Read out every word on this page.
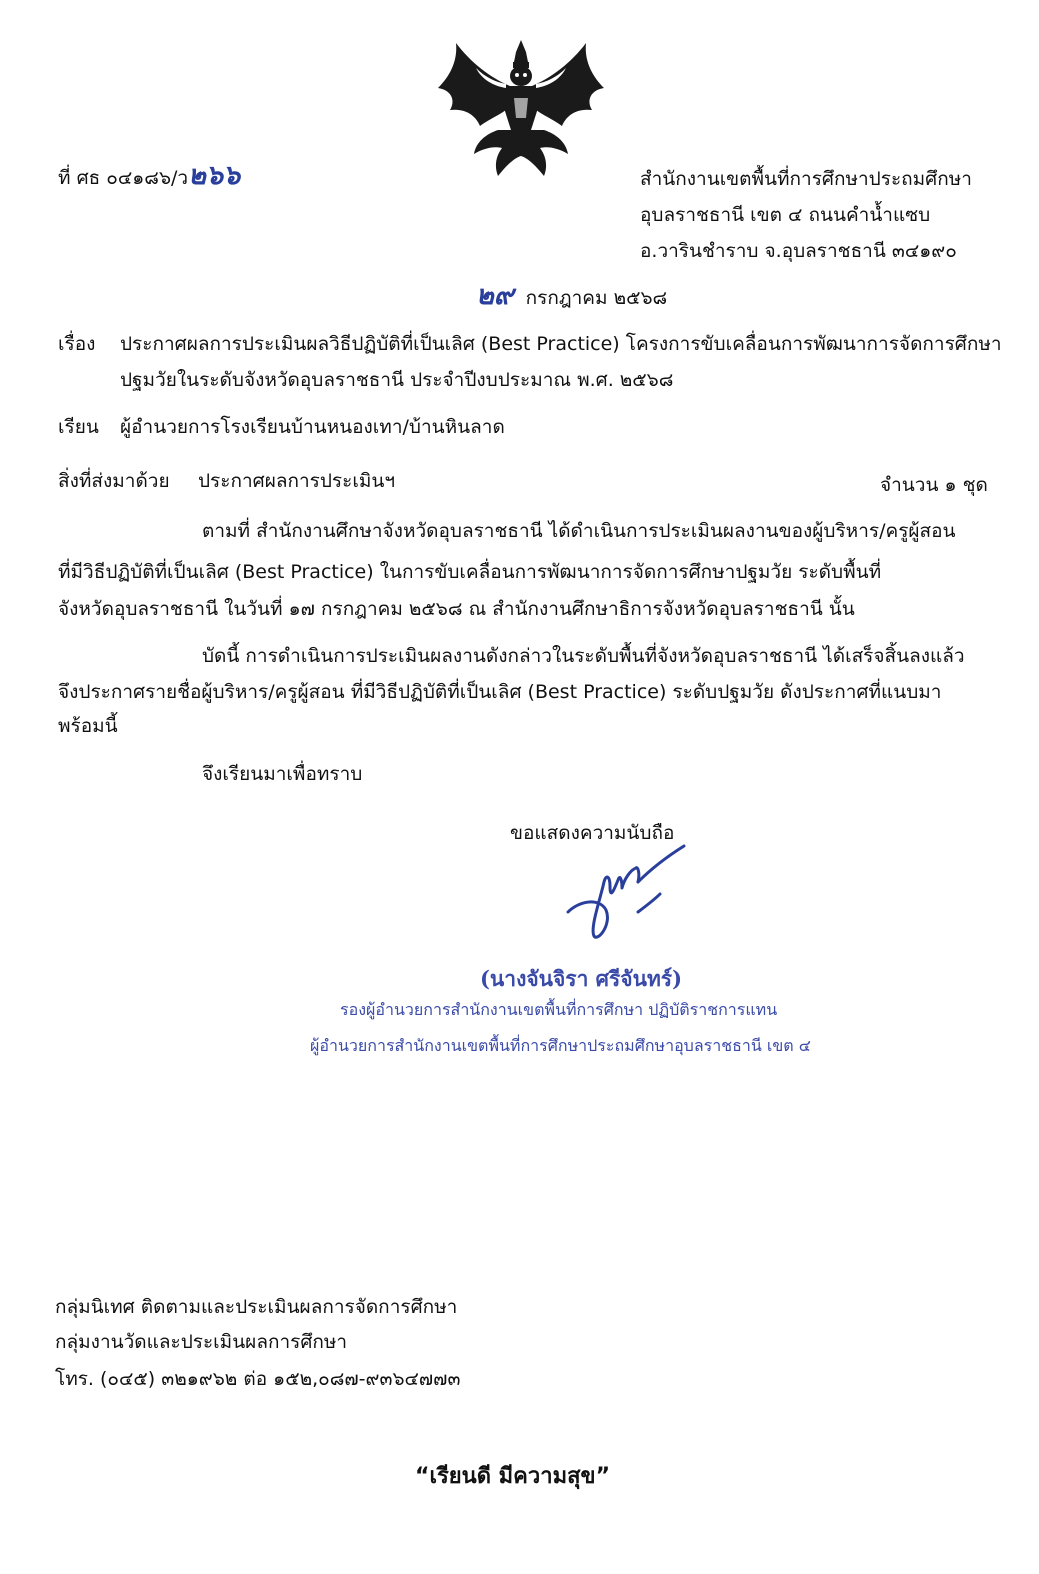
ที่ ศธ ๐๔๑๘๖/ว๒๖๖	สำนักงานเขตพื้นที่การศึกษาประถมศึกษา
อุบลราชธานี เขต ๔ ถนนคำน้ำแซบ
อ.วารินชำราบ จ.อุบลราชธานี ๓๔๑๙๐
๒๙ กรกฎาคม ๒๕๖๘
เรื่อง ประกาศผลการประเมินผลวิธีปฏิบัติที่เป็นเลิศ (Best Practice) โครงการขับเคลื่อนการพัฒนาการจัดการศึกษา
ปฐมวัยในระดับจังหวัดอุบลราชธานี ประจำปีงบประมาณ พ.ศ. ๒๕๖๘
เรียน ผู้อำนวยการโรงเรียนบ้านหนองเทา/บ้านหินลาด
สิ่งที่ส่งมาด้วย ประกาศผลการประเมินฯ	จำนวน ๑ ชุด
ตามที่ สำนักงานศึกษาจังหวัดอุบลราชธานี ได้ดำเนินการประเมินผลงานของผู้บริหาร/ครูผู้สอน
ที่มีวิธีปฏิบัติที่เป็นเลิศ (Best Practice) ในการขับเคลื่อนการพัฒนาการจัดการศึกษาปฐมวัย ระดับพื้นที่
จังหวัดอุบลราชธานี ในวันที่ ๑๗ กรกฎาคม ๒๕๖๘ ณ สำนักงานศึกษาธิการจังหวัดอุบลราชธานี นั้น
บัดนี้ การดำเนินการประเมินผลงานดังกล่าวในระดับพื้นที่จังหวัดอุบลราชธานี ได้เสร็จสิ้นลงแล้ว
จึงประกาศรายชื่อผู้บริหาร/ครูผู้สอน ที่มีวิธีปฏิบัติที่เป็นเลิศ (Best Practice) ระดับปฐมวัย ดังประกาศที่แนบมา
พร้อมนี้
จึงเรียนมาเพื่อทราบ
ขอแสดงความนับถือ
(นางจันจิรา ศรีจันทร์)
รองผู้อำนวยการสำนักงานเขตพื้นที่การศึกษา ปฏิบัติราชการแทน
ผู้อำนวยการสำนักงานเขตพื้นที่การศึกษาประถมศึกษาอุบลราชธานี เขต ๔
กลุ่มนิเทศ ติดตามและประเมินผลการจัดการศึกษา
กลุ่มงานวัดและประเมินผลการศึกษา
โทร. (๐๔๕) ๓๒๑๙๖๒ ต่อ ๑๕๒,๐๘๗-๙๓๖๔๗๗๓
“เรียนดี มีความสุข”
